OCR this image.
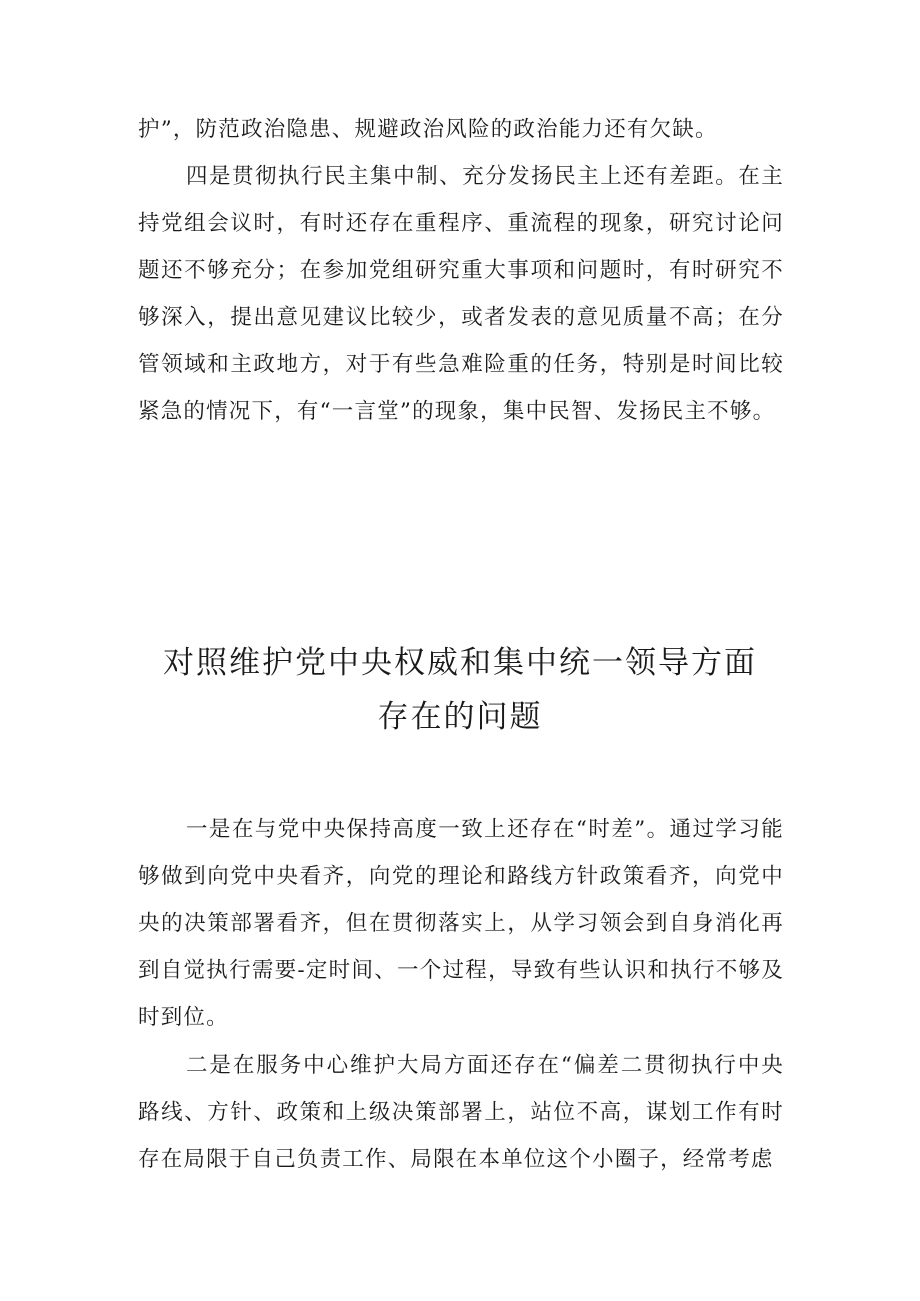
护”，防范政治隐患、规避政治风险的政治能力还有欠缺。

四是贯彻执行民主集中制、充分发扬民主上还有差距。在主持党组会议时，有时还存在重程序、重流程的现象，研究讨论问题还不够充分；在参加党组研究重大事项和问题时，有时研究不够深入，提出意见建议比较少，或者发表的意见质量不高；在分管领域和主政地方，对于有些急难险重的任务，特别是时间比较紧急的情况下，有“一言堂”的现象，集中民智、发扬民主不够。

对照维护党中央权威和集中统一领导方面
存在的问题

一是在与党中央保持高度一致上还存在“时差”。通过学习能够做到向党中央看齐，向党的理论和路线方针政策看齐，向党中央的决策部署看齐，但在贯彻落实上，从学习领会到自身消化再到自觉执行需要-定时间、一个过程，导致有些认识和执行不够及时到位。

二是在服务中心维护大局方面还存在“偏差二贯彻执行中央路线、方针、政策和上级决策部署上，站位不高，谋划工作有时存在局限于自己负责工作、局限在本单位这个小圈子，经常考虑
